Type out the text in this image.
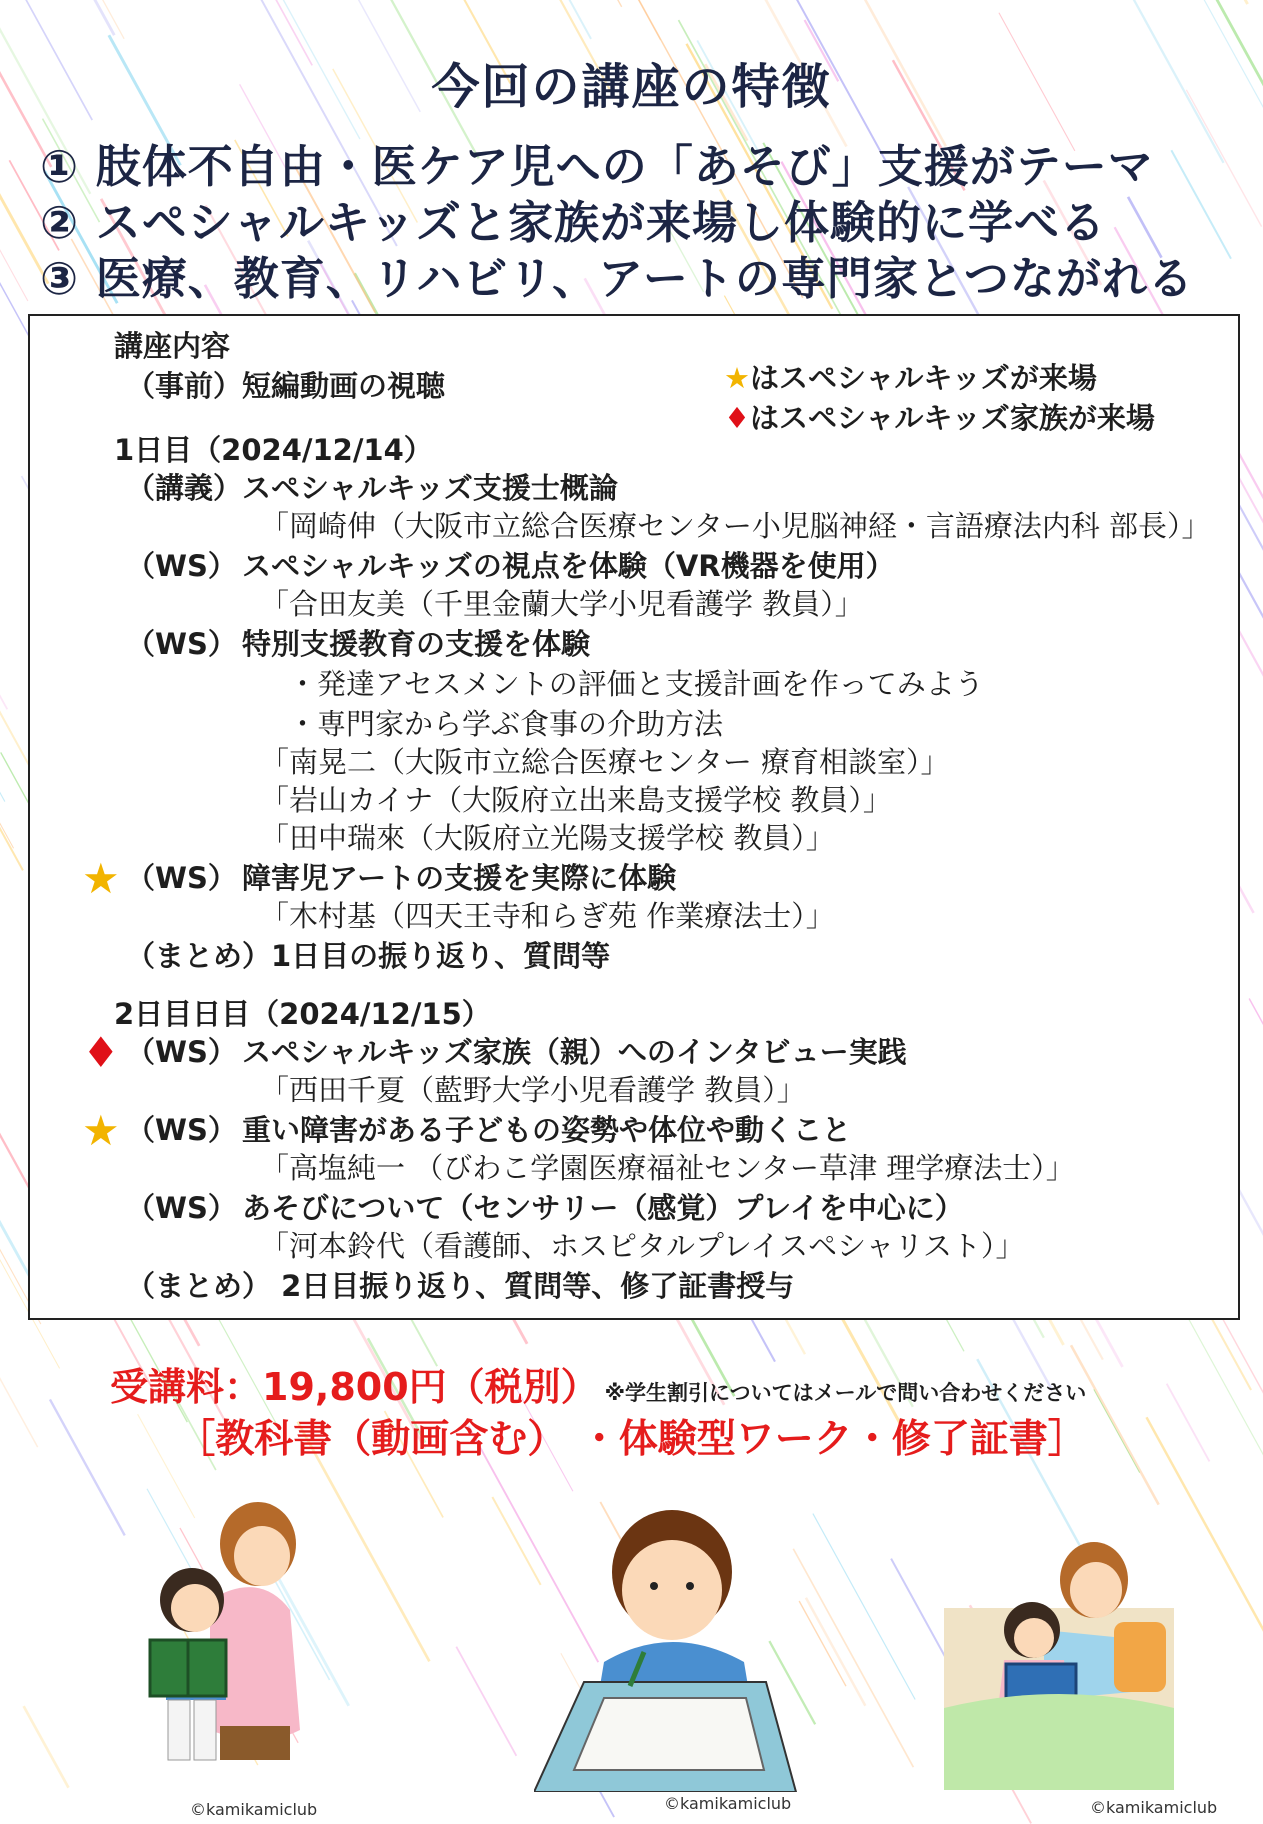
今回の講座の特徴
① 肢体不自由・医ケア児への「あそび」支援がテーマ
② スペシャルキッズと家族が来場し体験的に学べる
③ 医療、教育、リハビリ、アートの専門家とつながれる
講座内容
（事前）短編動画の視聴	★はスペシャルキッズが来場
♦はスペシャルキッズ家族が来場
1日目（2024/12/14）
（講義）スペシャルキッズ支援士概論
「岡崎伸（大阪市立総合医療センター小児脳神経・言語療法内科 部長）」
（WS） スペシャルキッズの視点を体験（VR機器を使用）
「合田友美（千里金蘭大学小児看護学 教員）」
（WS） 特別支援教育の支援を体験
・発達アセスメントの評価と支援計画を作ってみよう
・専門家から学ぶ食事の介助方法
「南晃二（大阪市立総合医療センター 療育相談室）」
「岩山カイナ（大阪府立出来島支援学校 教員）」
「田中瑞來（大阪府立光陽支援学校 教員）」
★ （WS） 障害児アートの支援を実際に体験
「木村基（四天王寺和らぎ苑 作業療法士）」
（まとめ）1日目の振り返り、質問等
2日目日目（2024/12/15）
♦ （WS） スペシャルキッズ家族（親）へのインタビュー実践
「西田千夏（藍野大学小児看護学 教員）」
★ （WS） 重い障害がある子どもの姿勢や体位や動くこと
「高塩純一 （びわこ学園医療福祉センター草津 理学療法士）」
（WS） あそびについて（センサリー（感覚）プレイを中心に）
「河本鈴代（看護師、ホスピタルプレイスペシャリスト）」
（まとめ） 2日目振り返り、質問等、修了証書授与
受講料：19,800円（税別） ※学生割引についてはメールで問い合わせください
［教科書（動画含む） ・体験型ワーク・修了証書］
©kamikamiclub	©kamikamiclub	©kamikamiclub
